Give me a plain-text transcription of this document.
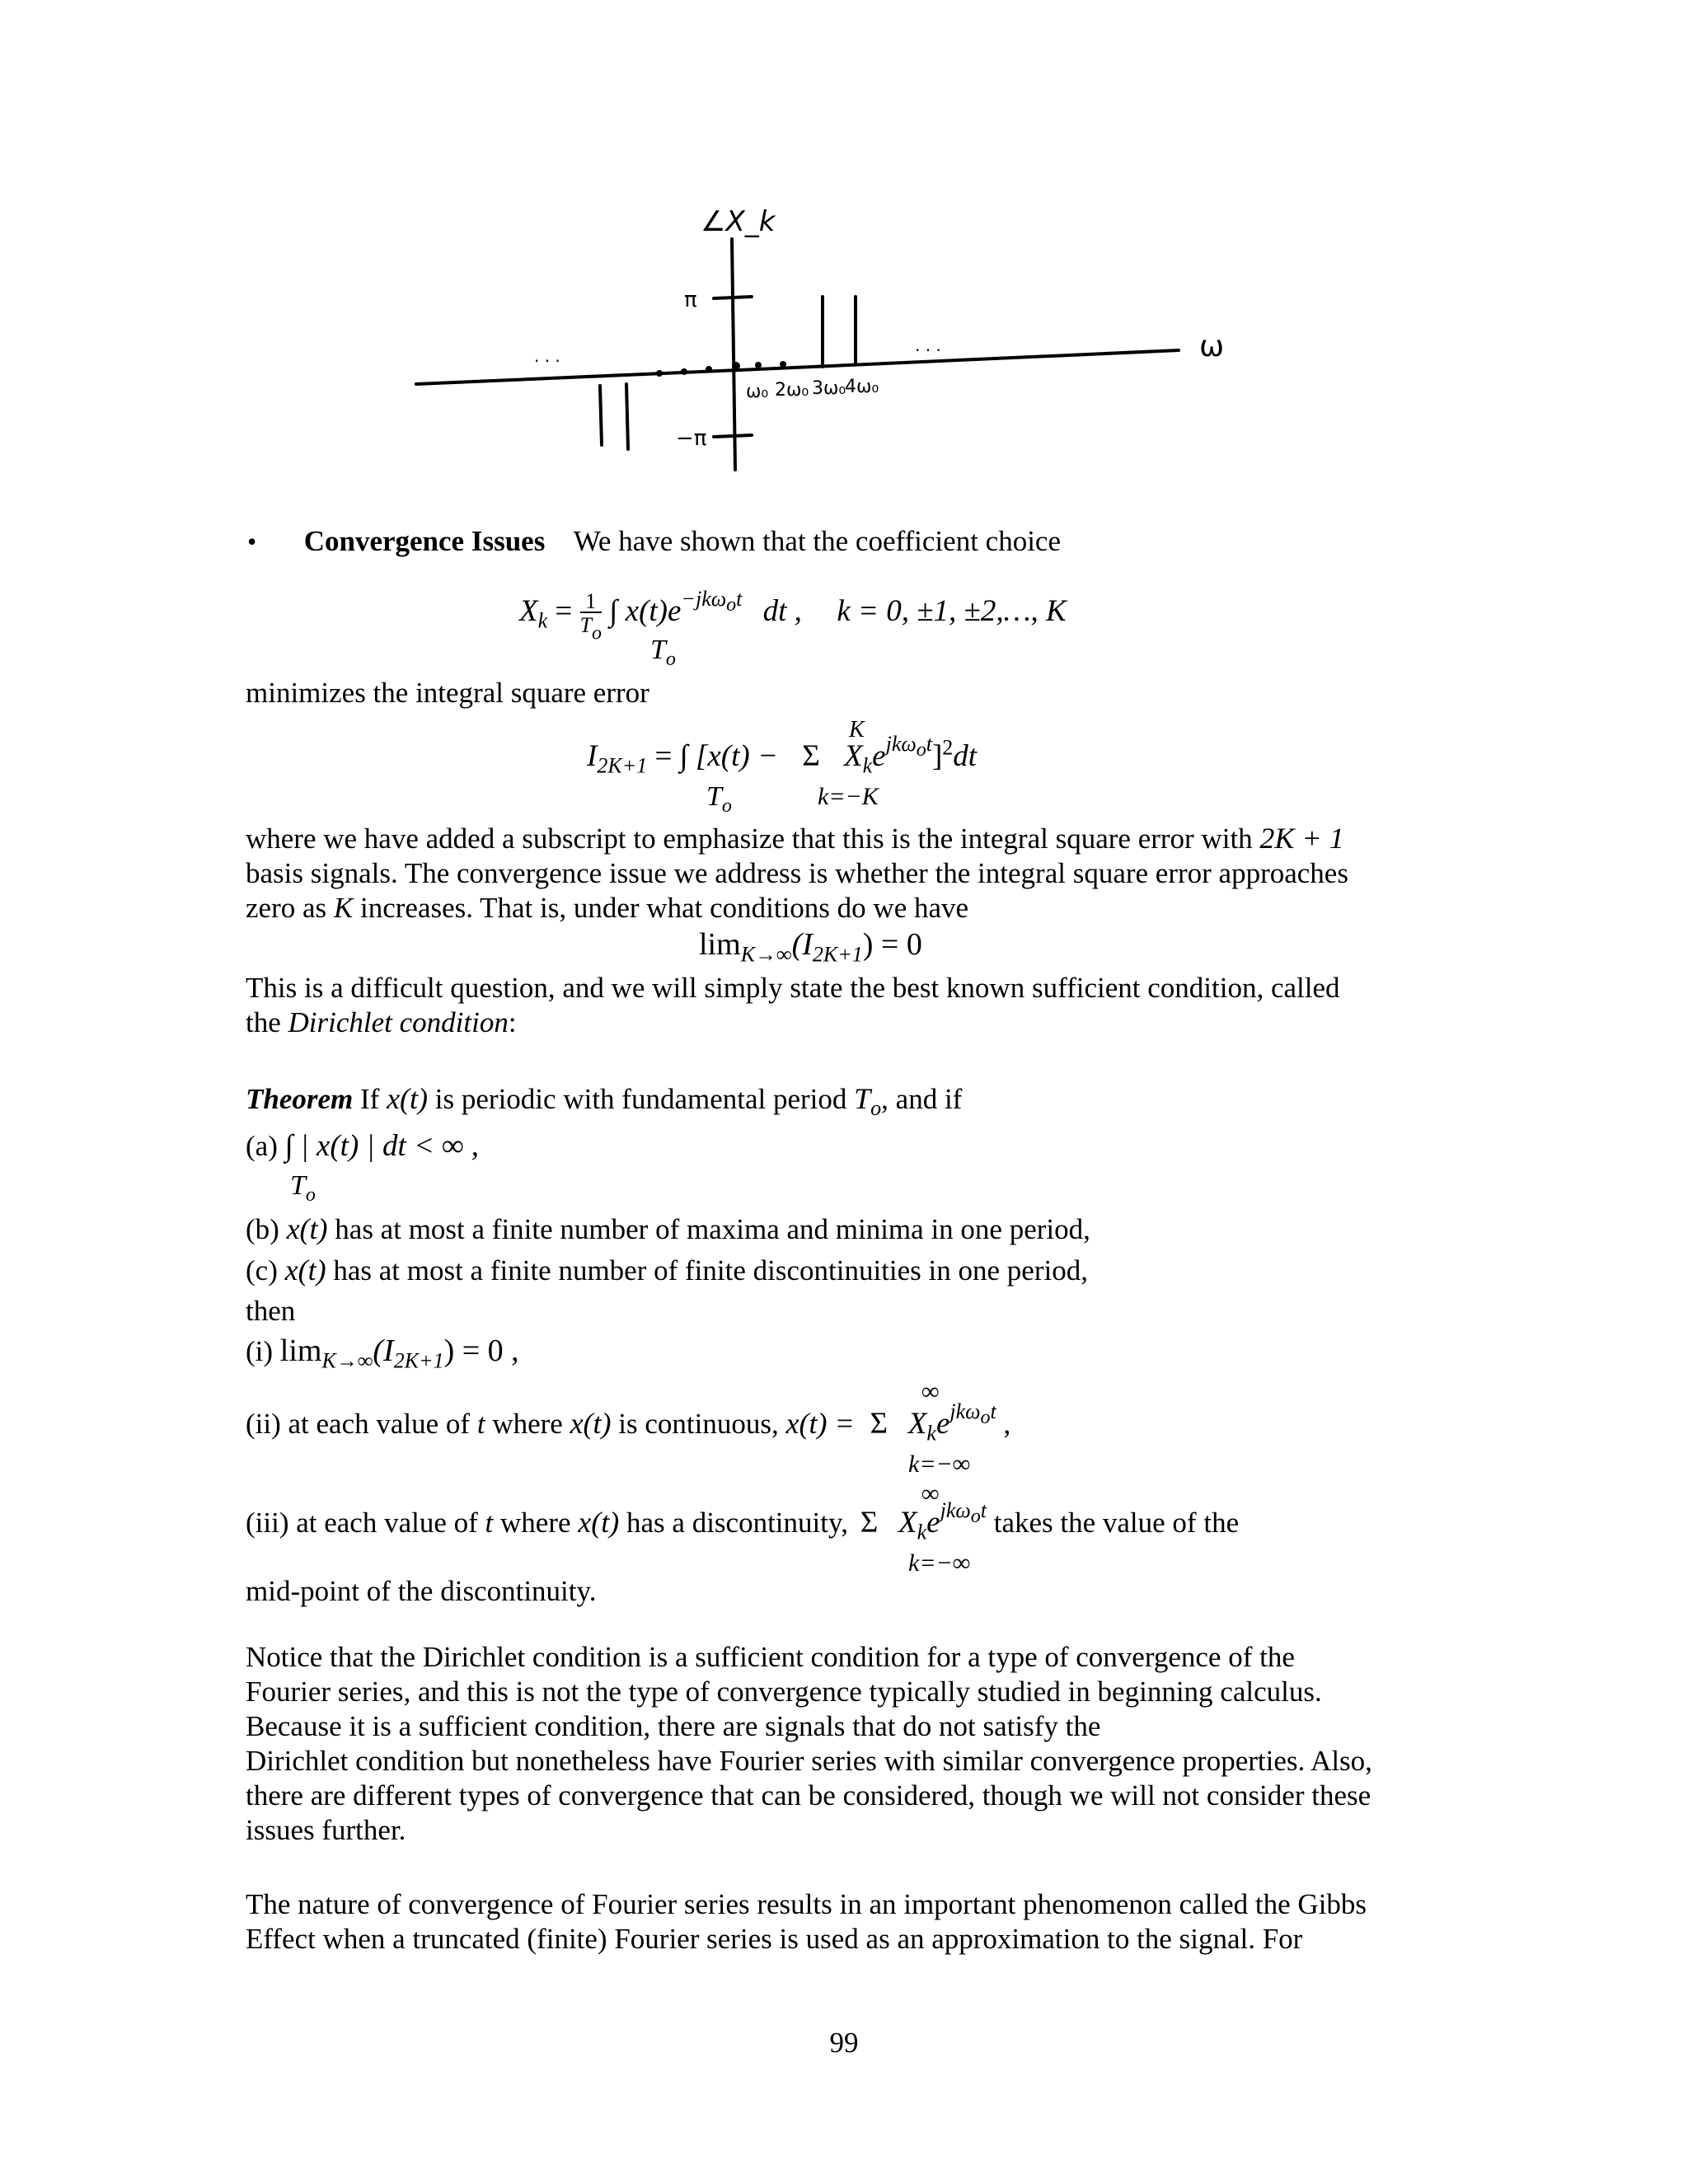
∠X_k
π
−π
ω₀ 2ω₀ 3ω₀
4ω₀
ω
· · ·
· · ·
• Convergence Issues We have shown that the coefficient choice
$X_k = 1$
$T_o$ ∫ $x(t)e^{-jk\omega_ot}$ dt , k = 0, ±1, ±2,…, K
$T_o$
minimizes the integral square error
K
$I_{2K+1}$ = ∫ [x(t) − Σ $X_ke^{jk\omega_ot}]^2dt$
$T_o$	k=−K
where we have added a subscript to emphasize that this is the integral square error with 2K + 1
basis signals. The convergence issue we address is whether the integral square error approaches
zero as K increases. That is, under what conditions do we have
$\lim_{K\to\infty}(I_{2K+1}) = 0$
This is a difficult question, and we will simply state the best known sufficient condition, called
the Dirichlet condition:
Theorem If x(t) is periodic with fundamental period $T_o$, and if
(a) ∫ | x(t) | dt < ∞ ,
$T_o$
(b) x(t) has at most a finite number of maxima and minima in one period,
(c) x(t) has at most a finite number of finite discontinuities in one period,
then
(i) $\lim_{K\to\infty}(I_{2K+1}) = 0$ ,
∞
(ii) at each value of t where x(t) is continuous, x(t) = Σ $X_ke^{jk\omega_ot}$ ,
k=−∞
∞
(iii) at each value of t where x(t) has a discontinuity, Σ $X_ke^{jk\omega_ot}$ takes the value of the
k=−∞
mid-point of the discontinuity.
Notice that the Dirichlet condition is a sufficient condition for a type of convergence of the
Fourier series, and this is not the type of convergence typically studied in beginning calculus.
Because it is a sufficient condition, there are signals that do not satisfy the
Dirichlet condition but nonetheless have Fourier series with similar convergence properties. Also,
there are different types of convergence that can be considered, though we will not consider these
issues further.
The nature of convergence of Fourier series results in an important phenomenon called the Gibbs
Effect when a truncated (finite) Fourier series is used as an approximation to the signal. For
99
